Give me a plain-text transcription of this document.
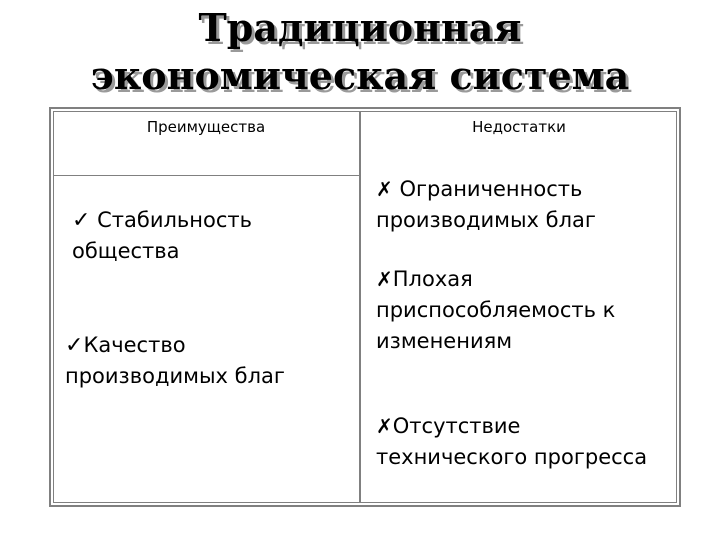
Традиционная
экономическая система
Преимущества	Недостатки
✓ Стабильность
общества
✓Качество
производимых благ
✗ Ограниченность
производимых благ
✗Плохая
приспособляемость к
изменениям
✗Отсутствие
технического прогресса
